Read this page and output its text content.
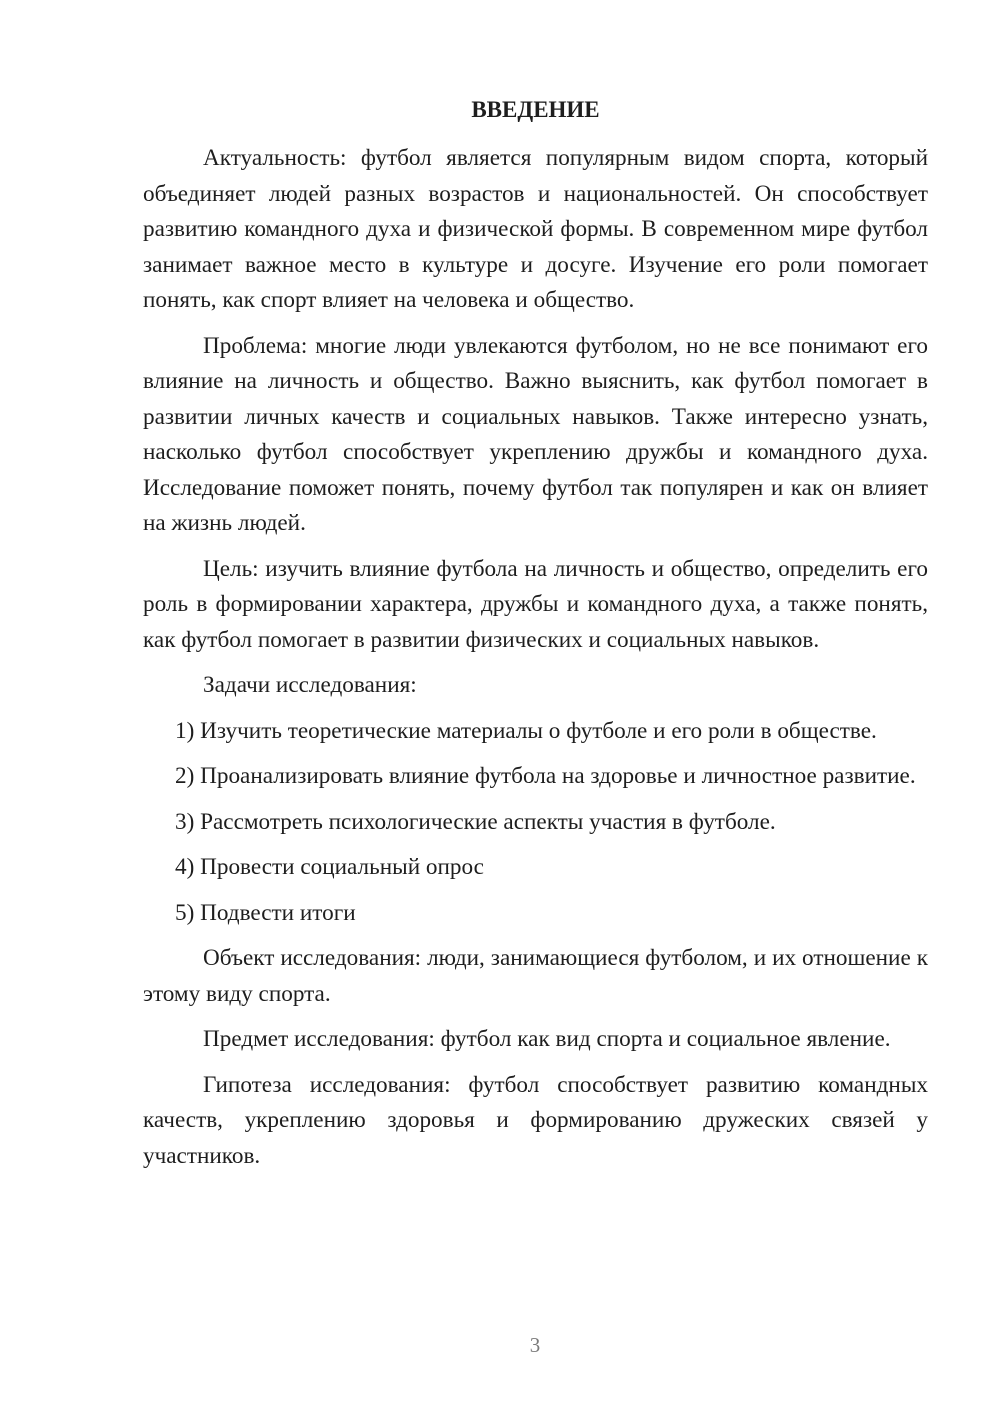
ВВЕДЕНИЕ

Актуальность: футбол является популярным видом спорта, который объединяет людей разных возрастов и национальностей. Он способствует развитию командного духа и физической формы. В современном мире футбол занимает важное место в культуре и досуге. Изучение его роли помогает понять, как спорт влияет на человека и общество.

Проблема: многие люди увлекаются футболом, но не все понимают его влияние на личность и общество. Важно выяснить, как футбол помогает в развитии личных качеств и социальных навыков. Также интересно узнать, насколько футбол способствует укреплению дружбы и командного духа. Исследование поможет понять, почему футбол так популярен и как он влияет на жизнь людей.

Цель: изучить влияние футбола на личность и общество, определить его роль в формировании характера, дружбы и командного духа, а также понять, как футбол помогает в развитии физических и социальных навыков.

Задачи исследования:

1) Изучить теоретические материалы о футболе и его роли в обществе.

2) Проанализировать влияние футбола на здоровье и личностное развитие.

3) Рассмотреть психологические аспекты участия в футболе.

4) Провести социальный опрос

5) Подвести итоги

Объект исследования: люди, занимающиеся футболом, и их отношение к этому виду спорта.

Предмет исследования: футбол как вид спорта и социальное явление.

Гипотеза исследования: футбол способствует развитию командных качеств, укреплению здоровья и формированию дружеских связей у участников.

3
